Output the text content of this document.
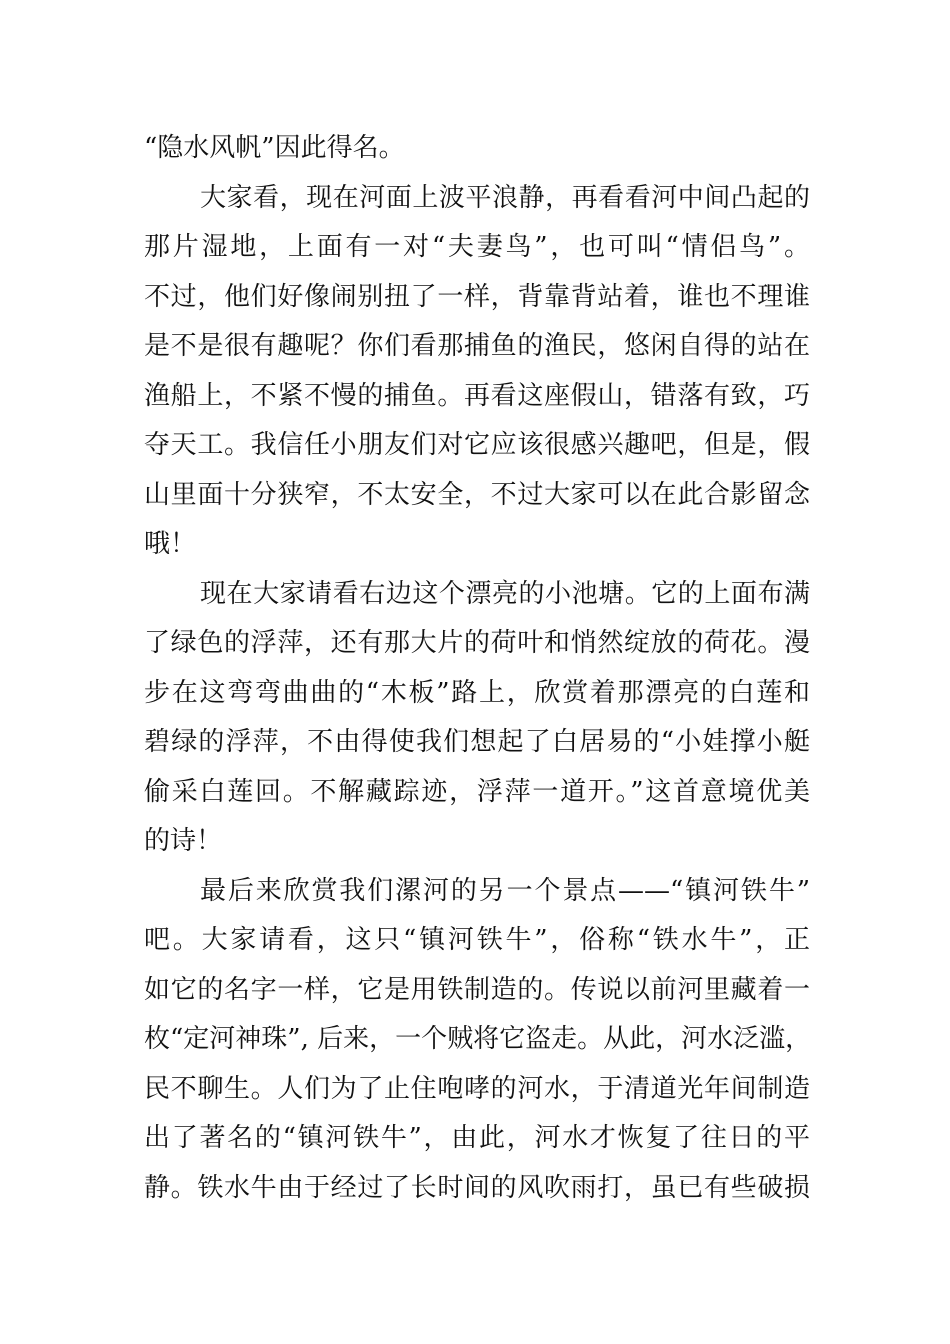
“隐水风帆”因此得名。
大家看，现在河面上波平浪静，再看看河中间凸起的
那片湿地，上面有一对“夫妻鸟”，也可叫“情侣鸟”。
不过，他们好像闹别扭了一样，背靠背站着，谁也不理谁
是不是很有趣呢？你们看那捕鱼的渔民，悠闲自得的站在
渔船上，不紧不慢的捕鱼。再看这座假山，错落有致，巧
夺天工。我信任小朋友们对它应该很感兴趣吧，但是，假
山里面十分狭窄，不太安全，不过大家可以在此合影留念
哦！
现在大家请看右边这个漂亮的小池塘。它的上面布满
了绿色的浮萍，还有那大片的荷叶和悄然绽放的荷花。漫
步在这弯弯曲曲的“木板”路上，欣赏着那漂亮的白莲和
碧绿的浮萍，不由得使我们想起了白居易的“小娃撑小艇
偷采白莲回。不解藏踪迹，浮萍一道开。”这首意境优美
的诗！
最后来欣赏我们漯河的另一个景点——“镇河铁牛”
吧。大家请看，这只“镇河铁牛”，俗称“铁水牛”，正
如它的名字一样，它是用铁制造的。传说以前河里藏着一
枚“定河神珠”, 后来，一个贼将它盗走。从此，河水泛滥，
民不聊生。人们为了止住咆哮的河水，于清道光年间制造
出了著名的“镇河铁牛”，由此，河水才恢复了往日的平
静。铁水牛由于经过了长时间的风吹雨打，虽已有些破损
